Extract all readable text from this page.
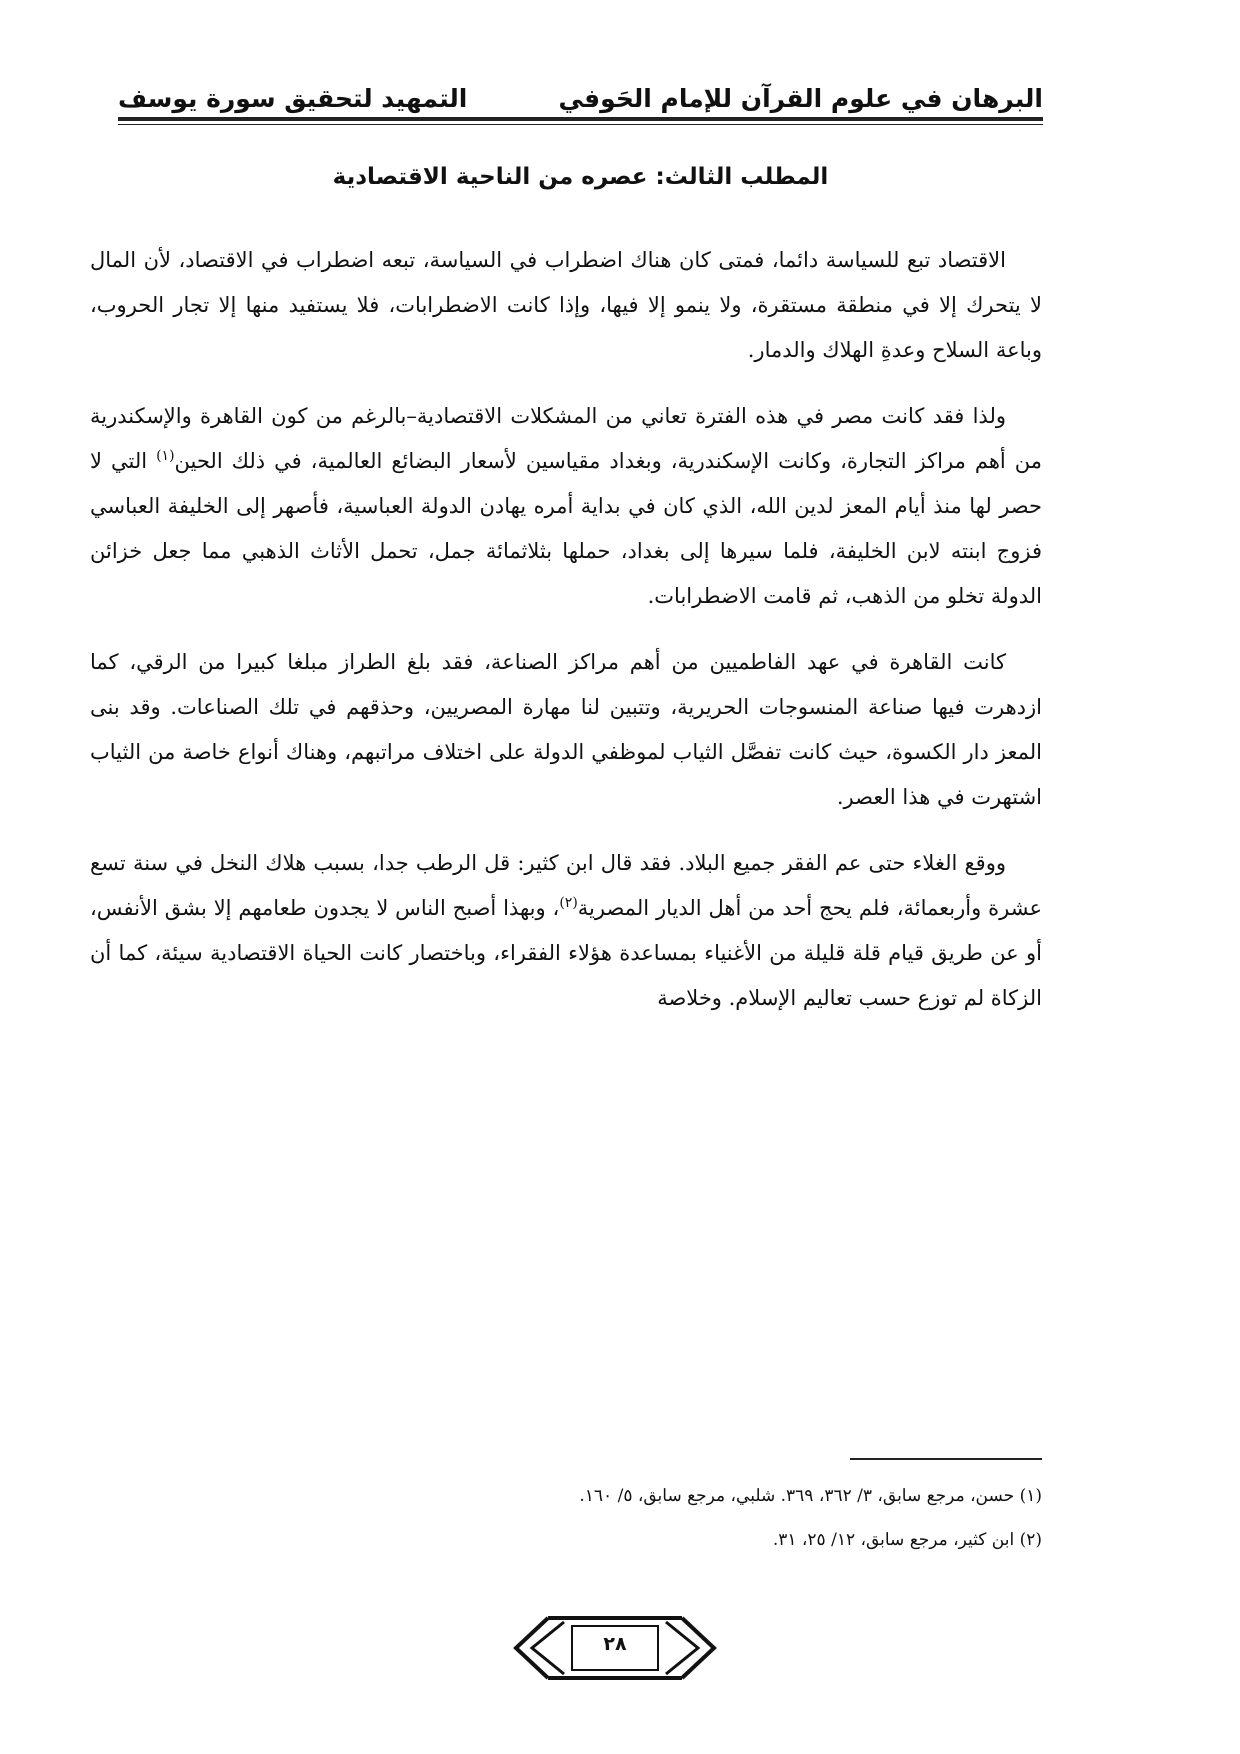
البرهان في علوم القرآن للإمام الحَوفي
التمهيد لتحقيق سورة يوسف
المطلب الثالث: عصره من الناحية الاقتصادية

الاقتصاد تبع للسياسة دائما، فمتى كان هناك اضطراب في السياسة، تبعه اضطراب في الاقتصاد، لأن المال لا يتحرك إلا في منطقة مستقرة، ولا ينمو إلا فيها، وإذا كانت الاضطرابات، فلا يستفيد منها إلا تجار الحروب، وباعة السلاح وعدةِ الهلاك والدمار.

ولذا فقد كانت مصر في هذه الفترة تعاني من المشكلات الاقتصادية–بالرغم من كون القاهرة والإسكندرية من أهم مراكز التجارة، وكانت الإسكندرية، وبغداد مقياسين لأسعار البضائع العالمية، في ذلك الحين$^{(١)}$ التي لا حصر لها منذ أيام المعز لدين الله، الذي كان في بداية أمره يهادن الدولة العباسية، فأصهر إلى الخليفة العباسي فزوج ابنته لابن الخليفة، فلما سيرها إلى بغداد، حملها بثلاثمائة جمل، تحمل الأثاث الذهبي مما جعل خزائن الدولة تخلو من الذهب، ثم قامت الاضطرابات.

كانت القاهرة في عهد الفاطميين من أهم مراكز الصناعة، فقد بلغ الطراز مبلغا كبيرا من الرقي، كما ازدهرت فيها صناعة المنسوجات الحريرية، وتتبين لنا مهارة المصريين، وحذقهم في تلك الصناعات. وقد بنى المعز دار الكسوة، حيث كانت تفصَّل الثياب لموظفي الدولة على اختلاف مراتبهم، وهناك أنواع خاصة من الثياب اشتهرت في هذا العصر.

ووقع الغلاء حتى عم الفقر جميع البلاد. فقد قال ابن كثير: قل الرطب جدا، بسبب هلاك النخل في سنة تسع عشرة وأربعمائة، فلم يحج أحد من أهل الديار المصرية$^{(٢)}$، وبهذا أصبح الناس لا يجدون طعامهم إلا بشق الأنفس، أو عن طريق قيام قلة قليلة من الأغنياء بمساعدة هؤلاء الفقراء، وباختصار كانت الحياة الاقتصادية سيئة، كما أن الزكاة لم توزع حسب تعاليم الإسلام. وخلاصة

(١) حسن، مرجع سابق، ٣/ ٣٦٢، ٣٦٩. شلبي، مرجع سابق، ٥/ ١٦٠.
(٢) ابن كثير، مرجع سابق، ١٢/ ٢٥، ٣١.
٢٨
